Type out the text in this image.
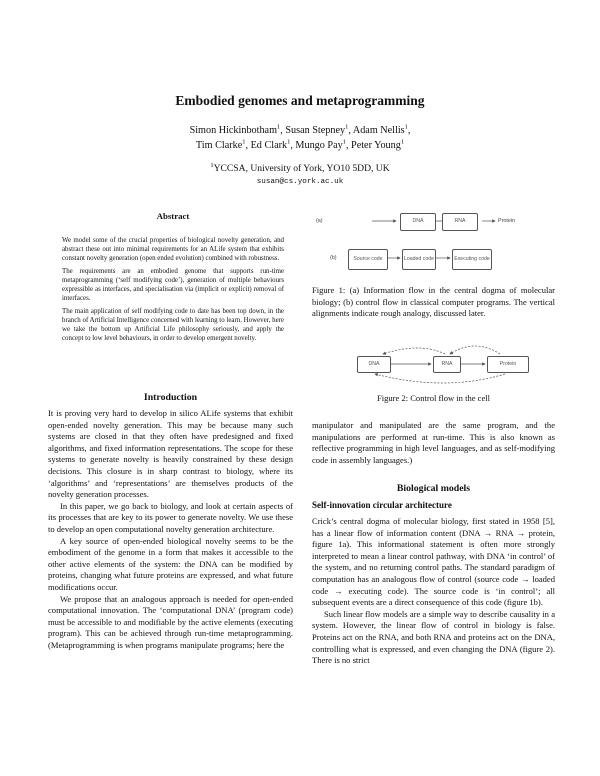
Embodied genomes and metaprogramming
Simon Hickinbotham$^1$, Susan Stepney$^1$, Adam Nellis$^1$,
Tim Clarke$^1$, Ed Clark$^1$, Mungo Pay$^1$, Peter Young$^1$
$^1$YCCSA, University of York, YO10 5DD, UK
susan@cs.york.ac.uk
Abstract

We model some of the crucial properties of biological novelty generation, and abstract these out into minimal requirements for an ALife system that exhibits constant novelty generation (open ended evolution) combined with robustness.

The requirements are an embodied genome that supports run-time metaprogramming (‘self modifying code’), generation of multiple behaviours expressible as interfaces, and specialisation via (implicit or explicit) removal of interfaces.

The main application of self modifying code to date has been top down, in the branch of Artificial Intelligence concerned with learning to learn. However, here we take the bottom up Artificial Life philosophy seriously, and apply the concept to low level behaviours, in order to develop emergent novelty.

Introduction

It is proving very hard to develop in silico ALife systems that exhibit open-ended novelty generation. This may be because many such systems are closed in that they often have predesigned and fixed algorithms, and fixed information representations. The scope for these systems to generate novelty is heavily constrained by these design decisions. This closure is in sharp contrast to biology, where its ‘algorithms’ and ‘representations’ are themselves products of the novelty generation processes.

In this paper, we go back to biology, and look at certain aspects of its processes that are key to its power to generate novelty. We use these to develop an open computational novelty generation architecture.

A key source of open-ended biological novelty seems to be the embodiment of the genome in a form that makes it accessible to the other active elements of the system: the DNA can be modified by proteins, changing what future proteins are expressed, and what future modifications occur.

We propose that an analogous approach is needed for open-ended computational innovation. The ‘computational DNA’ (program code) must be accessible to and modifiable by the active elements (executing program). This can be achieved through run-time metaprogramming. (Metaprogramming is when programs manipulate programs; here the

(a)	DNA	RNA	Protein
(b)	Source code	Loaded code	Executing code
Figure 1: (a) Information flow in the central dogma of molecular biology; (b) control flow in classical computer programs. The vertical alignments indicate rough analogy, discussed later.
DNA	RNA	Protein
Figure 2: Control flow in the cell
manipulator and manipulated are the same program, and the manipulations are performed at run-time. This is also known as reflective programming in high level languages, and as self-modifying code in assembly languages.)
Biological models
Self-innovation circular architecture

Crick’s central dogma of molecular biology, first stated in 1958 [5], has a linear flow of information content (DNA → RNA → protein, figure 1a). This informational statement is often more strongly interpreted to mean a linear control pathway, with DNA ‘in control’ of the system, and no returning control paths. The standard paradigm of computation has an analogous flow of control (source code → loaded code → executing code). The source code is ‘in control’; all subsequent events are a direct consequence of this code (figure 1b).

Such linear flow models are a simple way to describe causality in a system. However, the linear flow of control in biology is false. Proteins act on the RNA, and both RNA and proteins act on the DNA, controlling what is expressed, and even changing the DNA (figure 2). There is no strict
